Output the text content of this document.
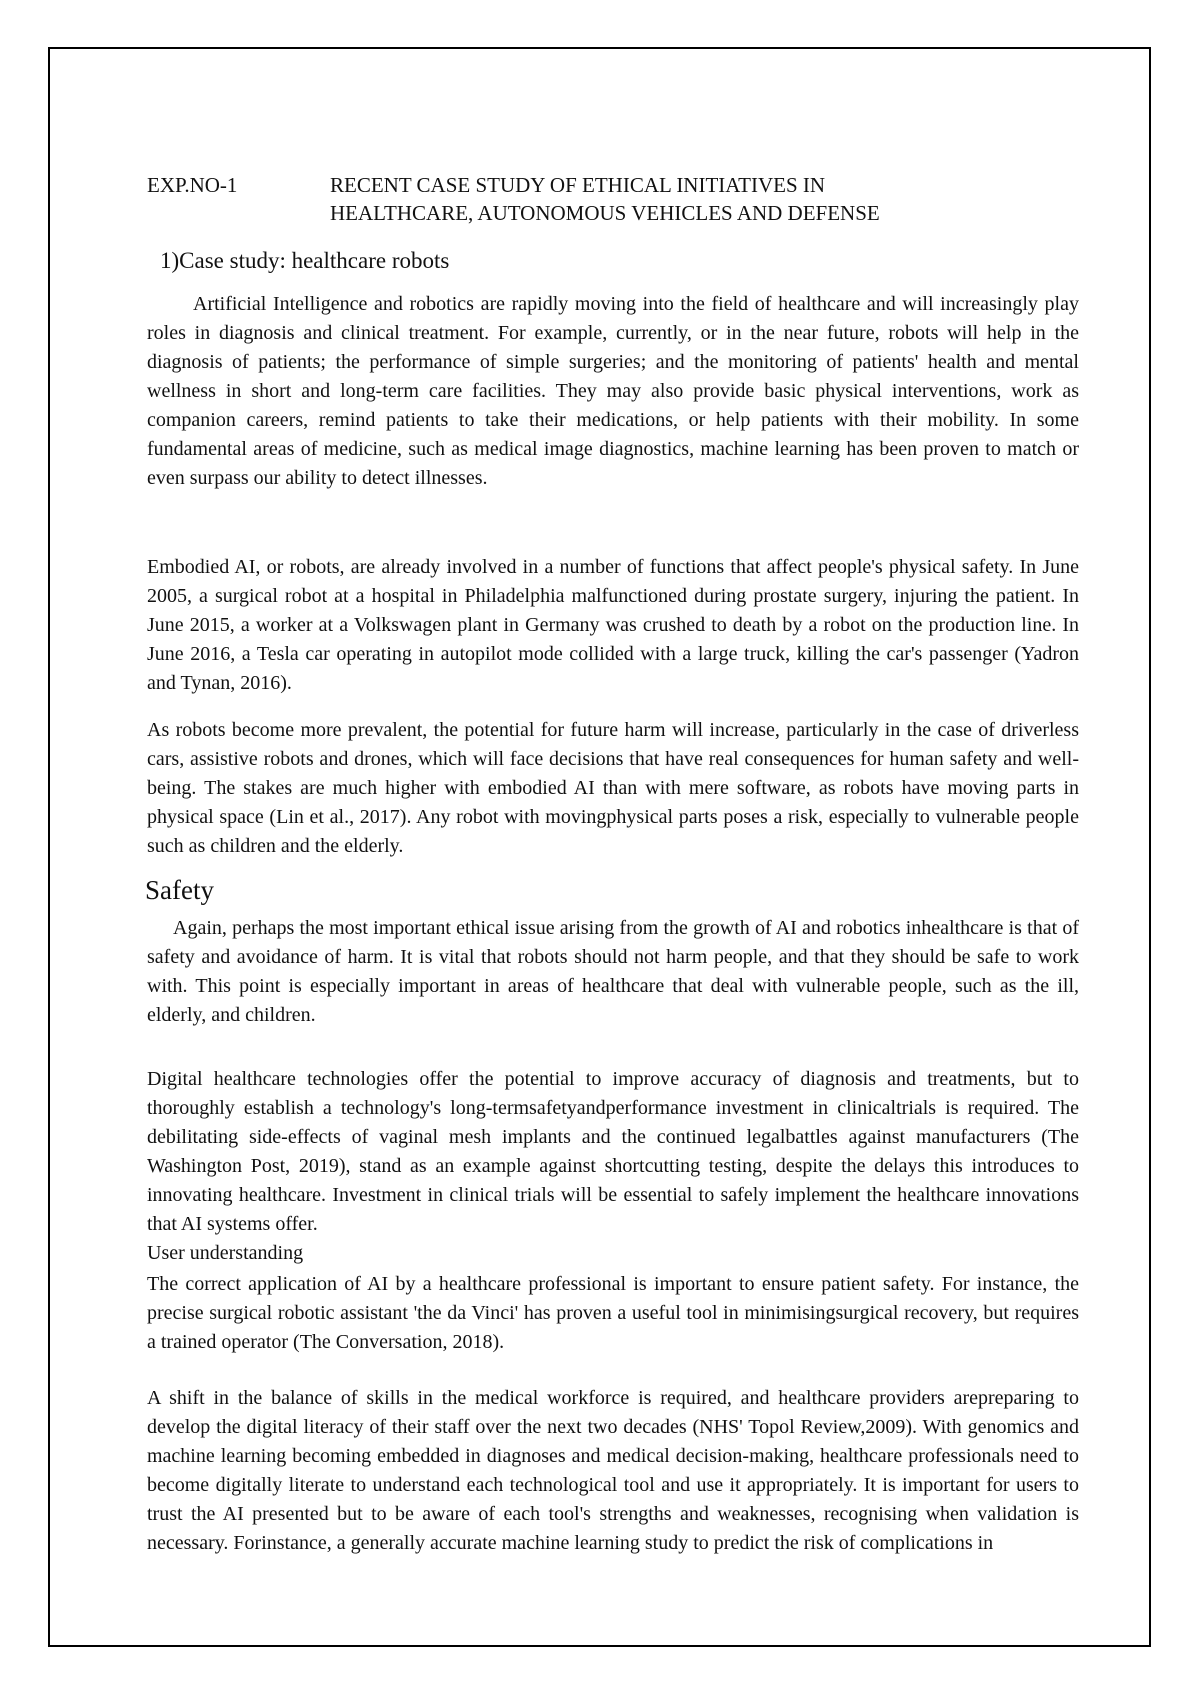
EXP.NO-1	RECENT CASE STUDY OF ETHICAL INITIATIVES IN
HEALTHCARE, AUTONOMOUS VEHICLES AND DEFENSE
1)Case study: healthcare robots

Artificial Intelligence and robotics are rapidly moving into the field of healthcare and will increasingly play roles in diagnosis and clinical treatment. For example, currently, or in the near future, robots will help in the diagnosis of patients; the performance of simple surgeries; and the monitoring of patients' health and mental wellness in short and long-term care facilities. They may also provide basic physical interventions, work as companion careers, remind patients to take their medications, or help patients with their mobility. In some fundamental areas of medicine, such as medical image diagnostics, machine learning has been proven to match or even surpass our ability to detect illnesses.

Embodied AI, or robots, are already involved in a number of functions that affect people's physical safety. In June 2005, a surgical robot at a hospital in Philadelphia malfunctioned during prostate surgery, injuring the patient. In June 2015, a worker at a Volkswagen plant in Germany was crushed to death by a robot on the production line. In June 2016, a Tesla car operating in autopilot mode collided with a large truck, killing the car's passenger (Yadron and Tynan, 2016).

As robots become more prevalent, the potential for future harm will increase, particularly in the case of driverless cars, assistive robots and drones, which will face decisions that have real consequences for human safety and well-being. The stakes are much higher with embodied AI than with mere software, as robots have moving parts in physical space (Lin et al., 2017). Any robot with movingphysical parts poses a risk, especially to vulnerable people such as children and the elderly.

Safety

Again, perhaps the most important ethical issue arising from the growth of AI and robotics inhealthcare is that of safety and avoidance of harm. It is vital that robots should not harm people, and that they should be safe to work with. This point is especially important in areas of healthcare that deal with vulnerable people, such as the ill, elderly, and children.

Digital healthcare technologies offer the potential to improve accuracy of diagnosis and treatments, but to thoroughly establish a technology's long-termsafetyandperformance investment in clinicaltrials is required. The debilitating side-effects of vaginal mesh implants and the continued legalbattles against manufacturers (The Washington Post, 2019), stand as an example against shortcutting testing, despite the delays this introduces to innovating healthcare. Investment in clinical trials will be essential to safely implement the healthcare innovations that AI systems offer.

User understanding

The correct application of AI by a healthcare professional is important to ensure patient safety. For instance, the precise surgical robotic assistant 'the da Vinci' has proven a useful tool in minimisingsurgical recovery, but requires a trained operator (The Conversation, 2018).

A shift in the balance of skills in the medical workforce is required, and healthcare providers arepreparing to develop the digital literacy of their staff over the next two decades (NHS' Topol Review,2009). With genomics and machine learning becoming embedded in diagnoses and medical decision-making, healthcare professionals need to become digitally literate to understand each technological tool and use it appropriately. It is important for users to trust the AI presented but to be aware of each tool's strengths and weaknesses, recognising when validation is necessary. Forinstance, a generally accurate machine learning study to predict the risk of complications in
